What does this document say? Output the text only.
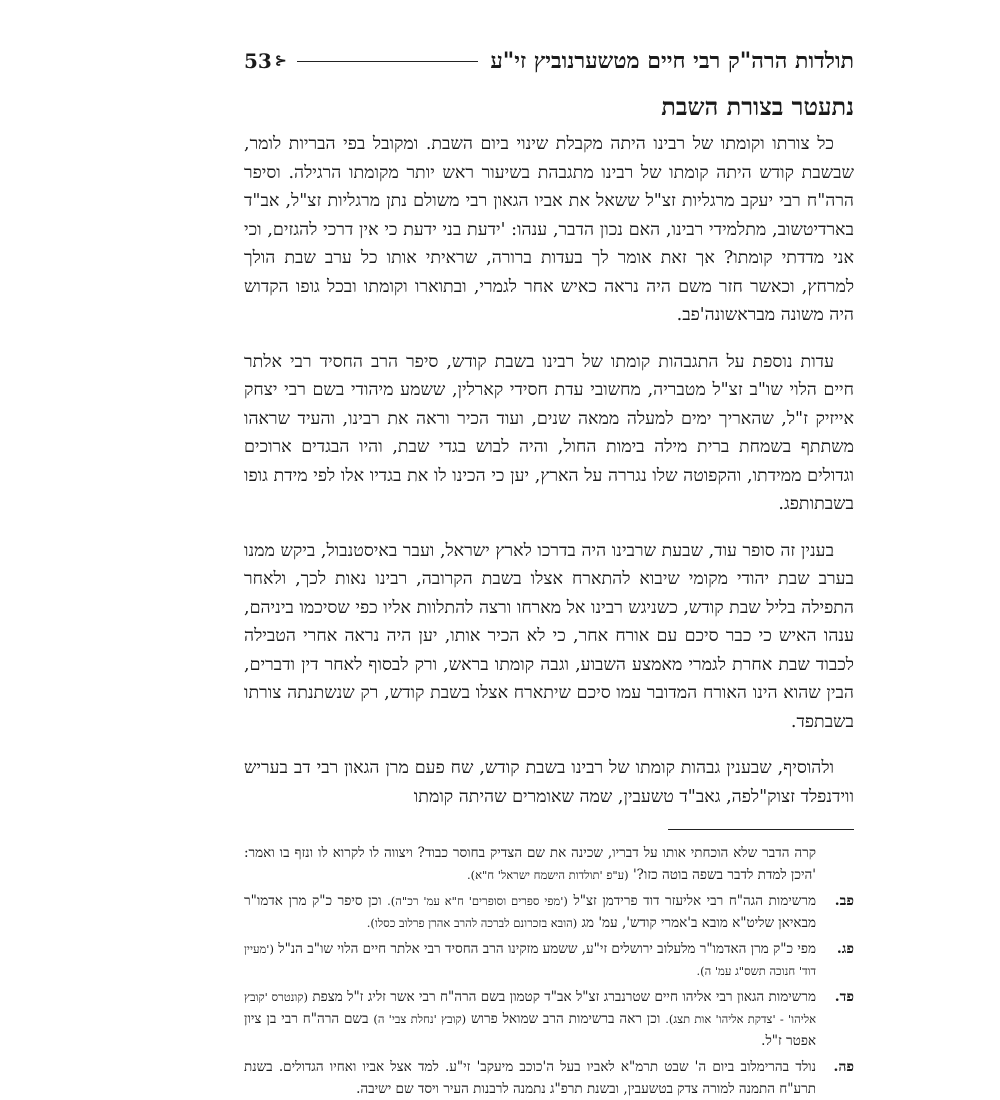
תולדות הרה"ק רבי חיים מטשערנוביץ זי"ע
53 ⊱
נתעטר בצורת השבת

כל צורתו וקומתו של רבינו היתה מקבלת שינוי ביום השבת. ומקובל בפי הבריות לומר, שבשבת קודש היתה קומתו של רבינו מתגבהת בשיעור ראש יותר מקומתו הרגילה. וסיפר הרה"ח רבי יעקב מרגליות זצ"ל ששאל את אביו הגאון רבי משולם נתן מרגליות זצ"ל, אב"ד בארדיטשוב, מתלמידי רבינו, האם נכון הדבר, ענהו: 'ידעת בני ידעת כי אין דרכי להגזים, וכי אני מדדתי קומתו? אך זאת אומר לך בעדות ברורה, שראיתי אותו כל ערב שבת הולך למרחץ, וכאשר חזר משם היה נראה כאיש אחר לגמרי, ובתוארו וקומתו ובכל גופו הקדוש היה משונה מבראשונה'פב.

עדות נוספת על התגבהות קומתו של רבינו בשבת קודש, סיפר הרב החסיד רבי אלתר חיים הלוי שו"ב זצ"ל מטבריה, מחשובי עדת חסידי קארלין, ששמע מיהודי בשם רבי יצחק אייזיק ז"ל, שהאריך ימים למעלה ממאה שנים, ועוד הכיר וראה את רבינו, והעיד שראהו משתתף בשמחת ברית מילה בימות החול, והיה לבוש בגדי שבת, והיו הבגדים ארוכים וגדולים ממידתו, והקפוטה שלו נגררה על הארץ, יען כי הכינו לו את בגדיו אלו לפי מידת גופו בשבתותפג.

בענין זה סופר עוד, שבעת שרבינו היה בדרכו לארץ ישראל, ועבר באיסטנבול, ביקש ממנו בערב שבת יהודי מקומי שיבוא להתארח אצלו בשבת הקרובה, רבינו נאות לכך, ולאחר התפילה בליל שבת קודש, כשניגש רבינו אל מארחו ורצה להתלוות אליו כפי שסיכמו ביניהם, ענהו האיש כי כבר סיכם עם אורח אחר, כי לא הכיר אותו, יען היה נראה אחרי הטבילה לכבוד שבת אחרת לגמרי מאמצע השבוע, וגבה קומתו בראש, ורק לבסוף לאחר דין ודברים, הבין שהוא הינו האורח המדובר עמו סיכם שיתארח אצלו בשבת קודש, רק שנשתנתה צורתו בשבתפד.

ולהוסיף, שבענין גבהות קומתו של רבינו בשבת קודש, שח פעם מרן הגאון רבי דב בעריש ווידנפלד זצוק"לפה, גאב"ד טשעבין, שמה שאומרים שהיתה קומתו

קרה הדבר שלא הוכחתי אותו על דבריו, שכינה את שם הצדיק בחוסר כבוד? ויצווה לו לקרוא לו ונזף בו ואמר: 'היכן למדת לדבר בשפה בוטה כזו?' (ע"פ 'תולדות הישמח ישראל' ח"א).
פב.
מרשימות הגה"ח רבי אליעזר דוד פרידמן זצ"ל ('מפי ספרים וסופרים' ח"א עמ' רכ"ה). וכן סיפר כ"ק מרן אדמו"ר מבאיאן שליט"א מובא ב'אמרי קודש', עמ' מג (הובא בזכרונם לברכה להרב אהרן פרלוב כסלו).
פג.
מפי כ"ק מרן האדמו"ר מלעלוב ירושלים זי"ע, ששמע מזקינו הרב החסיד רבי אלתר חיים הלוי שו"ב הנ"ל ('מעיין דוד' חנוכה תשס"ג עמ' ה).
פד.
מרשימות הגאון רבי אליהו חיים שטרנברג זצ"ל אב"ד קטמון בשם הרה"ח רבי אשר זליג ז"ל מצפת (קונטרס 'קובץ אליהו' - 'צדקת אליהו' אות תצג). וכן ראה ברשימות הרב שמואל פרוש (קובץ 'נחלת צבי' ה) בשם הרה"ח רבי בן ציון אפטר ז"ל.
פה.
נולד בהרימלוב ביום ה' שבט תרמ"א לאביו בעל ה'כוכב מיעקב' זי"ע. למד אצל אביו ואחיו הגדולים. בשנת תרע"ח התמנה למורה צדק בטשעבין, ובשנת תרפ"ג נתמנה לרבנות העיר ויסד שם ישיבה.
